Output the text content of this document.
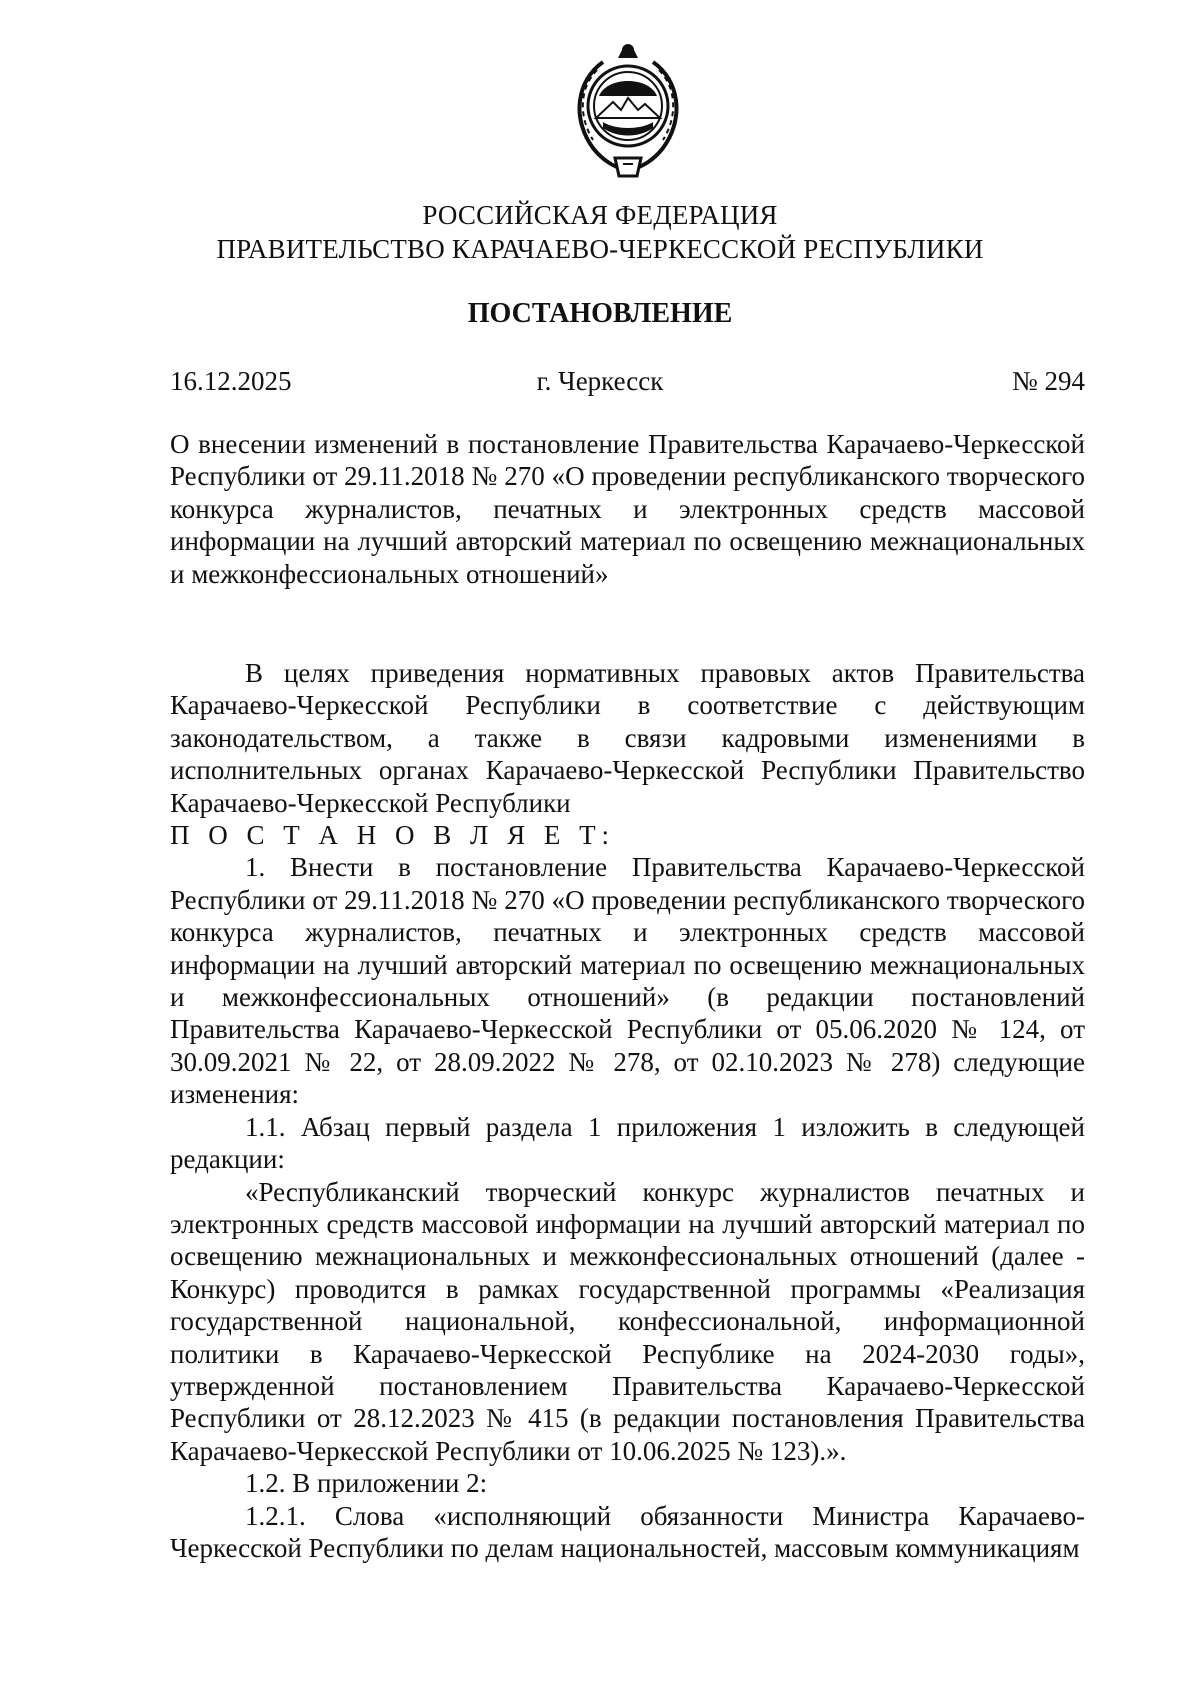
РОССИЙСКАЯ ФЕДЕРАЦИЯ
ПРАВИТЕЛЬСТВО КАРАЧАЕВО-ЧЕРКЕССКОЙ РЕСПУБЛИКИ
ПОСТАНОВЛЕНИЕ
16.12.2025	г. Черкесск	№ 294
О внесении изменений в постановление Правительства Карачаево-Черкесской Республики от 29.11.2018 № 270 «О проведении республиканского творческого конкурса журналистов, печатных и электронных средств массовой информации на лучший авторский материал по освещению межнациональных и межконфессиональных отношений»

В целях приведения нормативных правовых актов Правительства Карачаево-Черкесской Республики в соответствие с действующим законодательством, а также в связи кадровыми изменениями в исполнительных органах Карачаево-Черкесской Республики Правительство Карачаево-Черкесской Республики

П О С Т А Н О В Л Я Е Т:

1. Внести в постановление Правительства Карачаево-Черкесской Республики от 29.11.2018 № 270 «О проведении республиканского творческого конкурса журналистов, печатных и электронных средств массовой информации на лучший авторский материал по освещению межнациональных и межконфессиональных отношений» (в редакции постановлений Правительства Карачаево-Черкесской Республики от 05.06.2020 № 124, от 30.09.2021 № 22, от 28.09.2022 № 278, от 02.10.2023 № 278) следующие изменения:

1.1. Абзац первый раздела 1 приложения 1 изложить в следующей редакции:

«Республиканский творческий конкурс журналистов печатных и электронных средств массовой информации на лучший авторский материал по освещению межнациональных и межконфессиональных отношений (далее - Конкурс) проводится в рамках государственной программы «Реализация государственной национальной, конфессиональной, информационной политики в Карачаево-Черкесской Республике на 2024-2030 годы», утвержденной постановлением Правительства Карачаево-Черкесской Республики от 28.12.2023 № 415 (в редакции постановления Правительства Карачаево-Черкесской Республики от 10.06.2025 № 123).».

1.2. В приложении 2:

1.2.1. Слова «исполняющий обязанности Министра Карачаево-Черкесской Республики по делам национальностей, массовым коммуникациям
